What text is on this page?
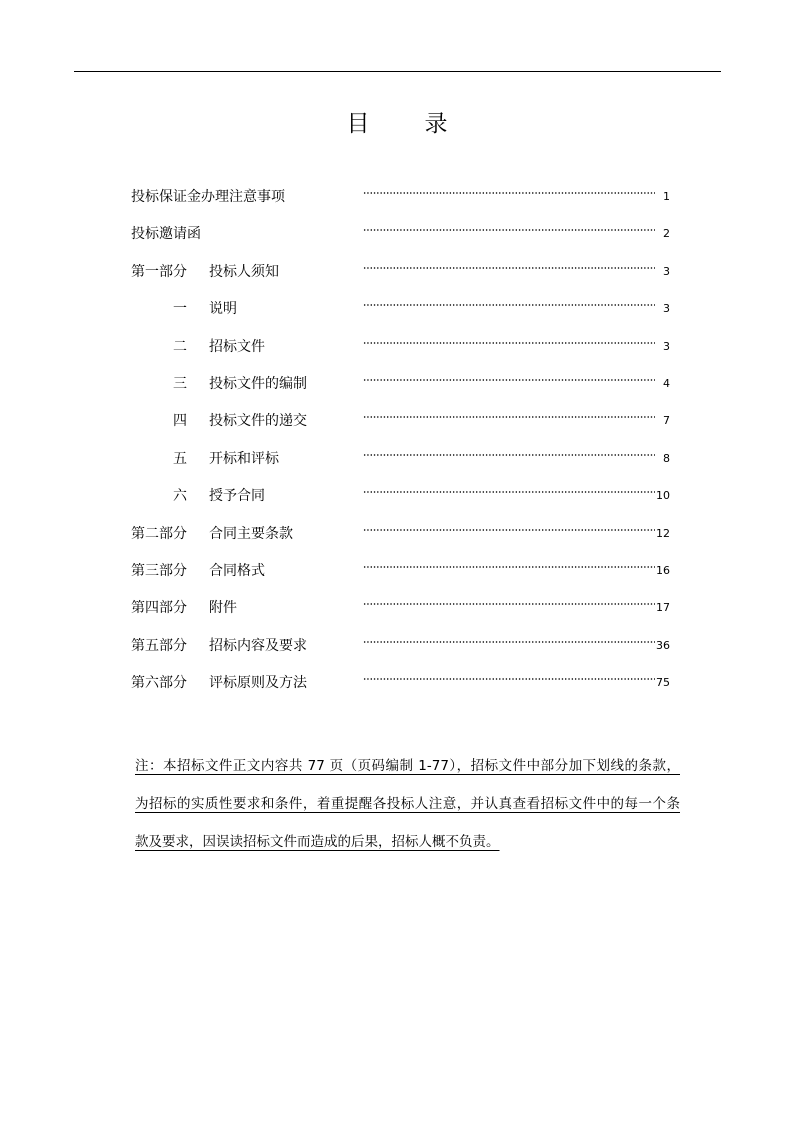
目 录
投标保证金办理注意事项	1
投标邀请函	2
第一部分 投标人须知	3
一 说明	3
二 招标文件	3
三 投标文件的编制	4
四 投标文件的递交	7
五 开标和评标	8
六 授予合同	10
第二部分 合同主要条款	12
第三部分 合同格式	16
第四部分 附件	17
第五部分 招标内容及要求	36
第六部分 评标原则及方法	75
注：本招标文件正文内容共 77 页（页码编制 1-77），招标文件中部分加下划线的条款，
为招标的实质性要求和条件，着重提醒各投标人注意，并认真查看招标文件中的每一个条
款及要求，因误读招标文件而造成的后果，招标人概不负责。
